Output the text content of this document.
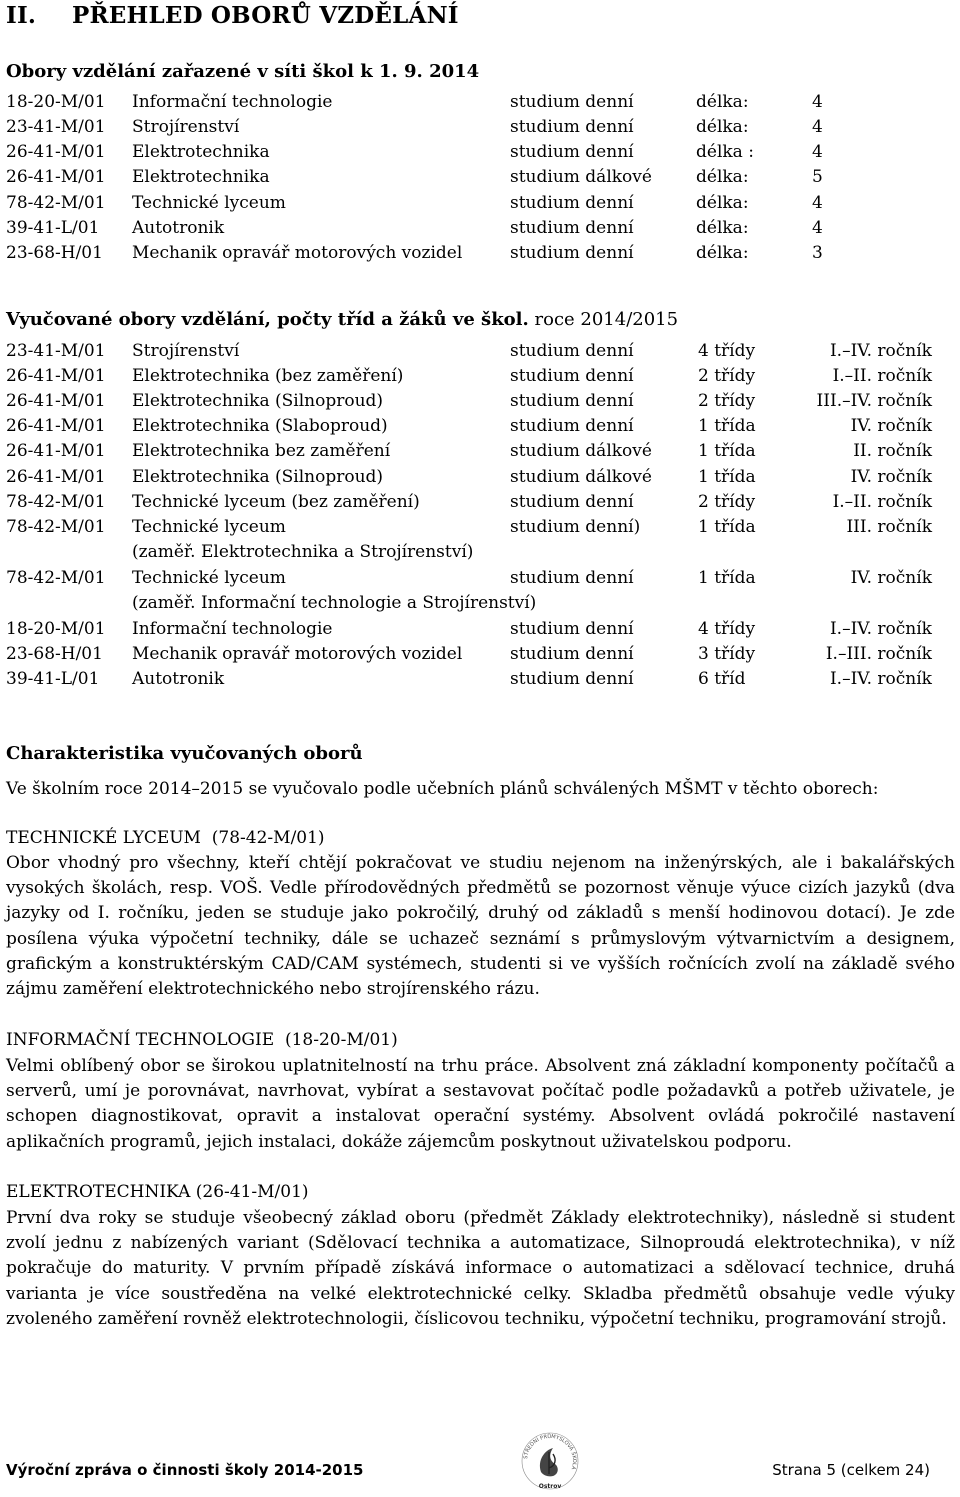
II. PŘEHLED OBORŮ VZDĚLÁNÍ
Obory vzdělání zařazené v síti škol k 1. 9. 2014
18-20-M/01 Informační technologie	studium denní	délka:	4
23-41-M/01 Strojírenství	studium denní	délka:	4
26-41-M/01 Elektrotechnika	studium denní	délka :	4
26-41-M/01 Elektrotechnika	studium dálkové	délka:	5
78-42-M/01 Technické lyceum	studium denní	délka:	4
39-41-L/01 Autotronik	studium denní	délka:	4
23-68-H/01 Mechanik opravář motorových vozidel	studium denní	délka:	3
Vyučované obory vzdělání, počty tříd a žáků ve škol. roce 2014/2015
23-41-M/01 Strojírenství	studium denní	4 třídy	I.–IV. ročník
26-41-M/01 Elektrotechnika (bez zaměření)	studium denní	2 třídy	I.–II. ročník
26-41-M/01 Elektrotechnika (Silnoproud)	studium denní	2 třídy	III.–IV. ročník
26-41-M/01 Elektrotechnika (Slaboproud)	studium denní	1 třída	IV. ročník
26-41-M/01 Elektrotechnika bez zaměření	studium dálkové	1 třída	II. ročník
26-41-M/01 Elektrotechnika (Silnoproud)	studium dálkové	1 třída	IV. ročník
78-42-M/01 Technické lyceum (bez zaměření)	studium denní	2 třídy	I.–II. ročník
78-42-M/01 Technické lyceum	studium denní)	1 třída	III. ročník
(zaměř. Elektrotechnika a Strojírenství)
78-42-M/01 Technické lyceum	studium denní	1 třída	IV. ročník
(zaměř. Informační technologie a Strojírenství)
18-20-M/01 Informační technologie	studium denní	4 třídy	I.–IV. ročník
23-68-H/01 Mechanik opravář motorových vozidel	studium denní	3 třídy	I.–III. ročník
39-41-L/01 Autotronik	studium denní	6 tříd	I.–IV. ročník
Charakteristika vyučovaných oborů
Ve školním roce 2014–2015 se vyučovalo podle učebních plánů schválených MŠMT v těchto oborech:
TECHNICKÉ LYCEUM (78-42-M/01)

Obor vhodný pro všechny, kteří chtějí pokračovat ve studiu nejenom na inženýrských, ale i bakalářských vysokých školách, resp. VOŠ. Vedle přírodovědných předmětů se pozornost věnuje výuce cizích jazyků (dva jazyky od I. ročníku, jeden se studuje jako pokročilý, druhý od základů s menší hodinovou dotací). Je zde posílena výuka výpočetní techniky, dále se uchazeč seznámí s průmyslovým výtvarnictvím a designem, grafickým a konstruktérským CAD/CAM systémech, studenti si ve vyšších ročnících zvolí na základě svého zájmu zaměření elektrotechnického nebo strojírenského rázu.

INFORMAČNÍ TECHNOLOGIE (18-20-M/01)

Velmi oblíbený obor se širokou uplatnitelností na trhu práce. Absolvent zná základní komponenty počítačů a serverů, umí je porovnávat, navrhovat, vybírat a sestavovat počítač podle požadavků a potřeb uživatele, je schopen diagnostikovat, opravit a instalovat operační systémy. Absolvent ovládá pokročilé nastavení aplikačních programů, jejich instalaci, dokáže zájemcům poskytnout uživatelskou podporu.

ELEKTROTECHNIKA (26-41-M/01)

První dva roky se studuje všeobecný základ oboru (předmět Základy elektrotechniky), následně si student zvolí jednu z nabízených variant (Sdělovací technika a automatizace, Silnoproudá elektrotechnika), v níž pokračuje do maturity. V prvním případě získává informace o automatizaci a sdělovací technice, druhá varianta je více soustředěna na velké elektrotechnické celky. Skladba předmětů obsahuje vedle výuky zvoleného zaměření rovněž elektrotechnologii, číslicovou techniku, výpočetní techniku, programování strojů.

Výroční zpráva o činnosti školy 2014-2015	Strana 5 (celkem 24)
STŘEDNÍ PRŮMYSLOVÁ ŠKOLA
Ostrov
